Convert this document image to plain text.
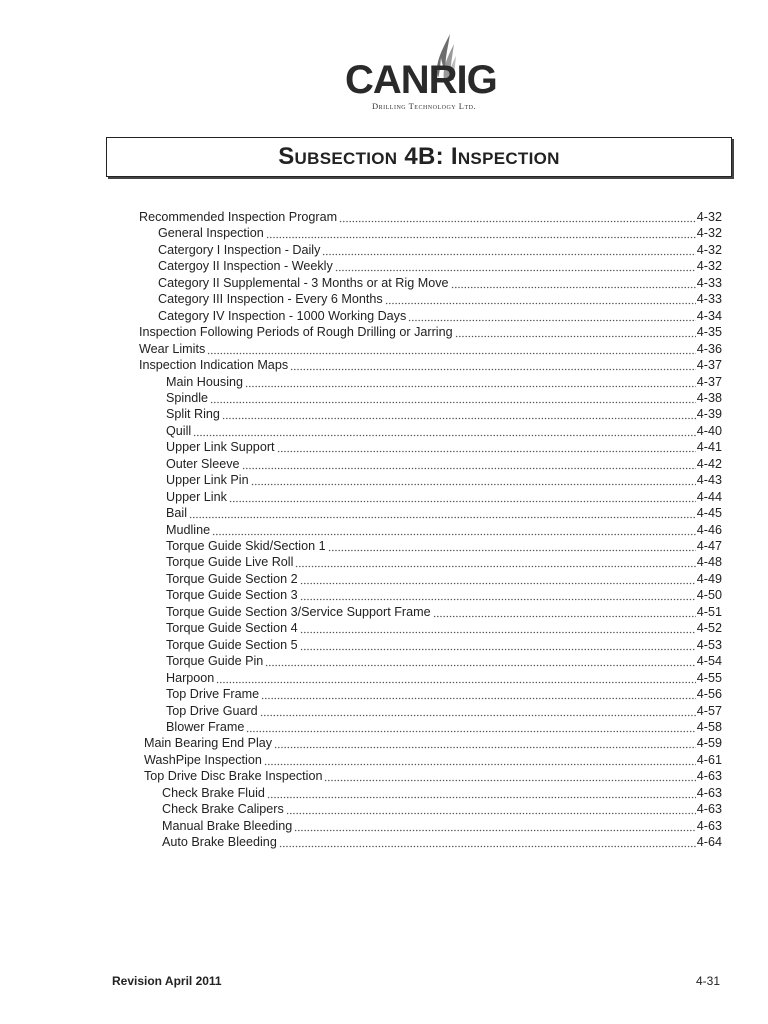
CANRIG
Drilling Technology Ltd.
Subsection 4B: Inspection
Recommended Inspection Program	4-32
General Inspection	4-32
Catergory I Inspection - Daily	4-32
Catergoy II Inspection - Weekly	4-32
Category II Supplemental - 3 Months or at Rig Move	4-33
Category III Inspection - Every 6 Months	4-33
Category IV Inspection - 1000 Working Days	4-34
Inspection Following Periods of Rough Drilling or Jarring	4-35
Wear Limits	4-36
Inspection Indication Maps	4-37
Main Housing	4-37
Spindle	4-38
Split Ring	4-39
Quill	4-40
Upper Link Support	4-41
Outer Sleeve	4-42
Upper Link Pin	4-43
Upper Link	4-44
Bail	4-45
Mudline	4-46
Torque Guide Skid/Section 1	4-47
Torque Guide Live Roll	4-48
Torque Guide Section 2	4-49
Torque Guide Section 3	4-50
Torque Guide Section 3/Service Support Frame	4-51
Torque Guide Section 4	4-52
Torque Guide Section 5	4-53
Torque Guide Pin	4-54
Harpoon	4-55
Top Drive Frame	4-56
Top Drive Guard	4-57
Blower Frame	4-58
Main Bearing End Play	4-59
WashPipe Inspection	4-61
Top Drive Disc Brake Inspection	4-63
Check Brake Fluid	4-63
Check Brake Calipers	4-63
Manual Brake Bleeding	4-63
Auto Brake Bleeding	4-64
Revision April 2011	4-31
